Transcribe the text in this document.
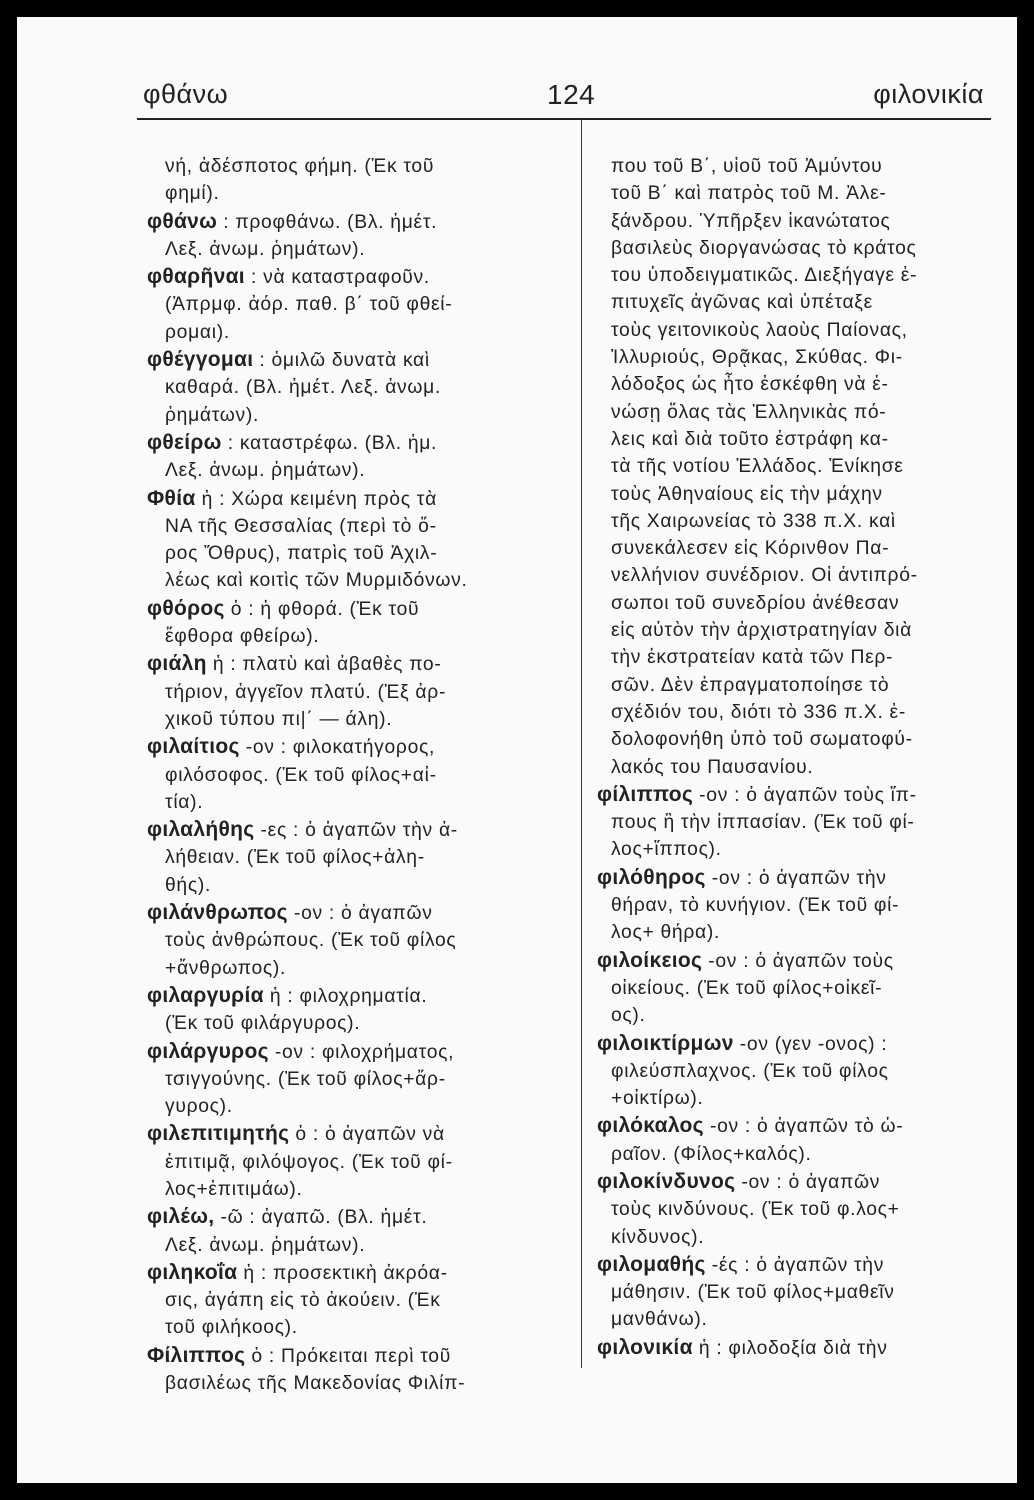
φθάνω	124	φιλονικία
νή, ἀδέσποτος φήμη. (Ἐκ τοῦ
φημί).
φθάνω : προφθάνω. (Βλ. ἡμέτ.
Λεξ. ἀνωμ. ῥημάτων).
φθαρῆναι : νὰ καταστραφοῦν.
(Ἀπρμφ. ἀόρ. παθ. β΄ τοῦ φθεί-
ρομαι).
φθέγγομαι : ὁμιλῶ δυνατὰ καὶ
καθαρά. (Βλ. ἡμέτ. Λεξ. ἀνωμ.
ῥημάτων).
φθείρω : καταστρέφω. (Βλ. ἡμ.
Λεξ. ἀνωμ. ῥημάτων).
Φθία ἡ : Χώρα κειμένη πρὸς τὰ
ΝΑ τῆς Θεσσαλίας (περὶ τὸ ὄ-
ρος Ὄθρυς), πατρὶς τοῦ Ἀχιλ-
λέως καὶ κοιτὶς τῶν Μυρμιδόνων.
φθόρος ὁ : ἡ φθορά. (Ἐκ τοῦ
ἔφθορα φθείρω).
φιάλη ἡ : πλατὺ καὶ ἀβαθὲς πο-
τήριον, ἀγγεῖον πλατύ. (Ἐξ ἀρ-
χικοῦ τύπου πι|΄ — άλη).
φιλαίτιος -ον : φιλοκατήγορος,
φιλόσοφος. (Ἐκ τοῦ φίλος+αἰ-
τία).
φιλαλήθης -ες : ὁ ἀγαπῶν τὴν ἀ-
λήθειαν. (Ἐκ τοῦ φίλος+ἀλη-
θής).
φιλάνθρωπος -ον : ὁ ἀγαπῶν
τοὺς ἀνθρώπους. (Ἐκ τοῦ φίλος
+ἄνθρωπος).
φιλαργυρία ἡ : φιλοχρηματία.
(Ἐκ τοῦ φιλάργυρος).
φιλάργυρος -ον : φιλοχρήματος,
τσιγγούνης. (Ἐκ τοῦ φίλος+ἄρ-
γυρος).
φιλεπιτιμητής ὁ : ὁ ἀγαπῶν νὰ
ἐπιτιμᾷ, φιλόψογος. (Ἐκ τοῦ φί-
λος+ἐπιτιμάω).
φιλέω, -ῶ : ἀγαπῶ. (Βλ. ἡμέτ.
Λεξ. ἀνωμ. ῥημάτων).
φιληκοΐα ἡ : προσεκτικὴ ἀκρόα-
σις, ἀγάπη εἰς τὸ ἀκούειν. (Ἐκ
τοῦ φιλήκοος).
Φίλιππος ὁ : Πρόκειται περὶ τοῦ
βασιλέως τῆς Μακεδονίας Φιλίπ-
που τοῦ Β΄, υἱοῦ τοῦ Ἀμύντου
τοῦ Β΄ καὶ πατρὸς τοῦ Μ. Ἀλε-
ξάνδρου. Ὑπῆρξεν ἱκανώτατος
βασιλεὺς διοργανώσας τὸ κράτος
του ὑποδειγματικῶς. Διεξήγαγε ἐ-
πιτυχεῖς ἀγῶνας καὶ ὑπέταξε
τοὺς γειτονικοὺς λαοὺς Παίονας,
Ἰλλυριούς, Θρᾷκας, Σκύθας. Φι-
λόδοξος ὡς ἦτο ἐσκέφθη νὰ ἑ-
νώσῃ ὅλας τὰς Ἑλληνικὰς πό-
λεις καὶ διὰ τοῦτο ἐστράφη κα-
τὰ τῆς νοτίου Ἑλλάδος. Ἐνίκησε
τοὺς Ἀθηναίους εἰς τὴν μάχην
τῆς Χαιρωνείας τὸ 338 π.Χ. καὶ
συνεκάλεσεν εἰς Κόρινθον Πα-
νελλήνιον συνέδριον. Οἱ ἀντιπρό-
σωποι τοῦ συνεδρίου ἀνέθεσαν
εἰς αὐτὸν τὴν ἀρχιστρατηγίαν διὰ
τὴν ἐκστρατείαν κατὰ τῶν Περ-
σῶν. Δὲν ἐπραγματοποίησε τὸ
σχέδιόν του, διότι τὸ 336 π.Χ. ἐ-
δολοφονήθη ὑπὸ τοῦ σωματοφύ-
λακός του Παυσανίου.
φίλιππος -ον : ὁ ἀγαπῶν τοὺς ἵπ-
πους ἢ τὴν ἱππασίαν. (Ἐκ τοῦ φί-
λος+ἵππος).
φιλόθηρος -ον : ὁ ἀγαπῶν τὴν
θήραν, τὸ κυνήγιον. (Ἐκ τοῦ φί-
λος+ θήρα).
φιλοίκειος -ον : ὁ ἀγαπῶν τοὺς
οἰκείους. (Ἐκ τοῦ φίλος+οἰκεῖ-
ος).
φιλοικτίρμων -ον (γεν -ονος) :
φιλεύσπλαχνος. (Ἐκ τοῦ φίλος
+οἰκτίρω).
φιλόκαλος -ον : ὁ ἀγαπῶν τὸ ὡ-
ραῖον. (Φίλος+καλός).
φιλοκίνδυνος -ον : ὁ ἀγαπῶν
τοὺς κινδύνους. (Ἐκ τοῦ φ.λος+
κίνδυνος).
φιλομαθής -ές : ὁ ἀγαπῶν τὴν
μάθησιν. (Ἐκ τοῦ φίλος+μαθεῖν
μανθάνω).
φιλονικία ἡ : φιλοδοξία διὰ τὴν
